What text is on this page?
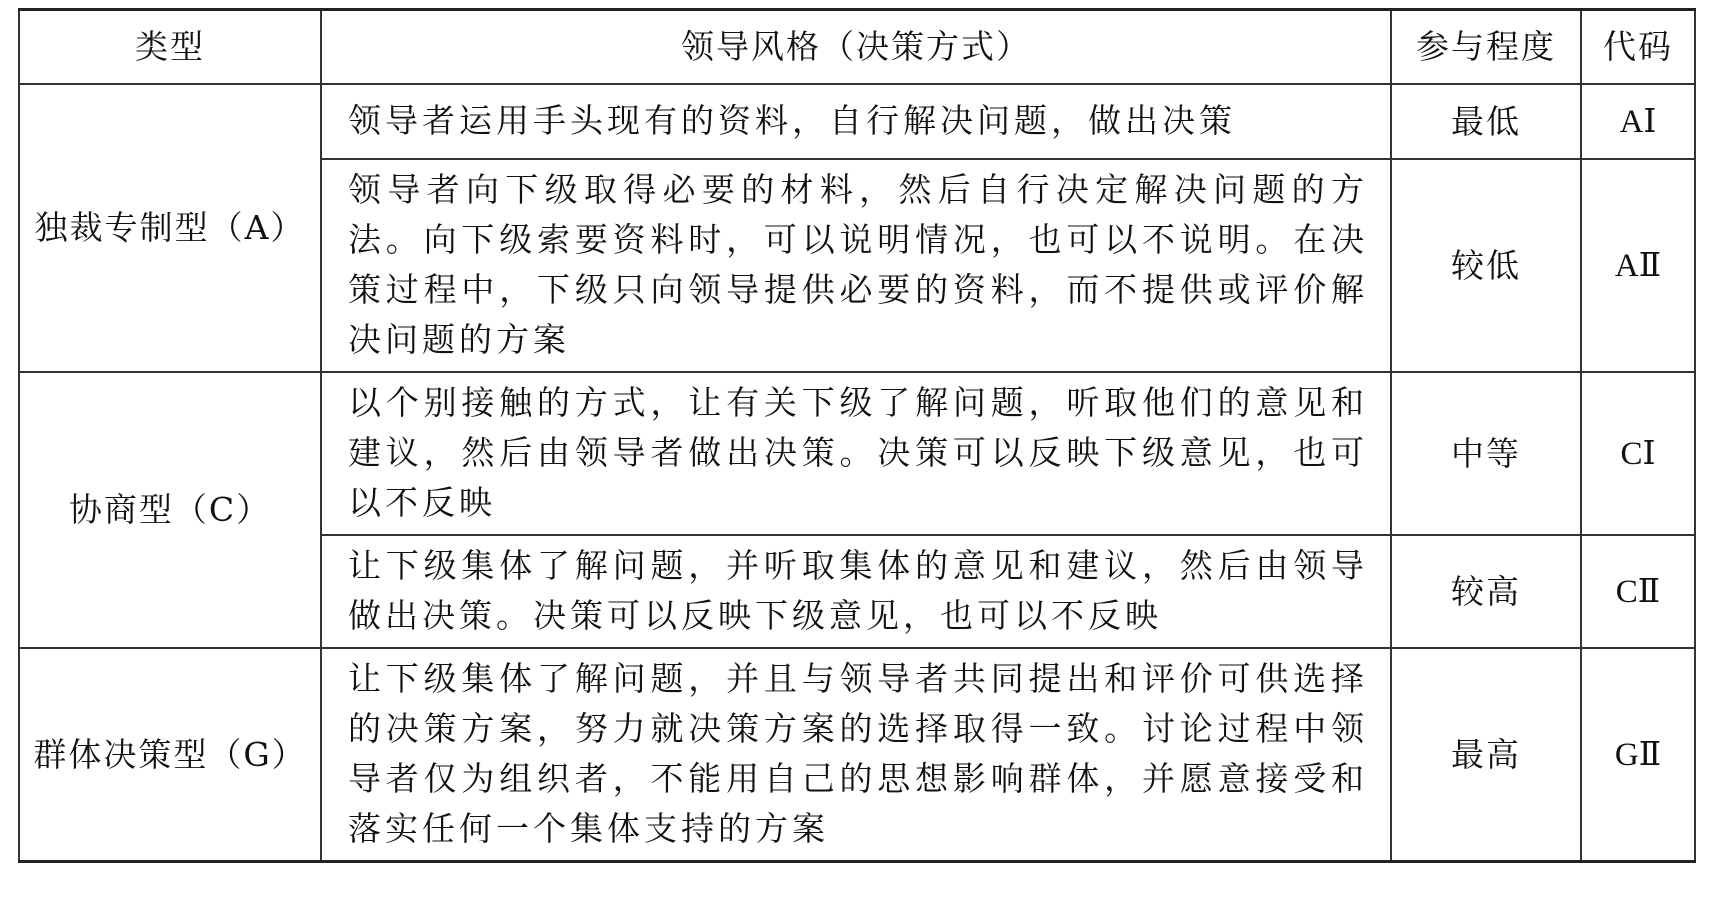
类型	领导风格（决策方式）	参与程度	代码
独裁专制型（A）	领导者运用手头现有的资料，自行解决问题，做出决策	最低	AⅠ
	领导者向下级取得必要的材料，然后自行决定解决问题的方法。向下级索要资料时，可以说明情况，也可以不说明。在决策过程中，下级只向领导提供必要的资料，而不提供或评价解决问题的方案	较低	AⅡ
协商型（C）	以个别接触的方式，让有关下级了解问题，听取他们的意见和建议，然后由领导者做出决策。决策可以反映下级意见，也可以不反映	中等	CⅠ
	让下级集体了解问题，并听取集体的意见和建议，然后由领导做出决策。决策可以反映下级意见，也可以不反映	较高	CⅡ
群体决策型（G）	让下级集体了解问题，并且与领导者共同提出和评价可供选择的决策方案，努力就决策方案的选择取得一致。讨论过程中领导者仅为组织者，不能用自己的思想影响群体，并愿意接受和落实任何一个集体支持的方案	最高	GⅡ
